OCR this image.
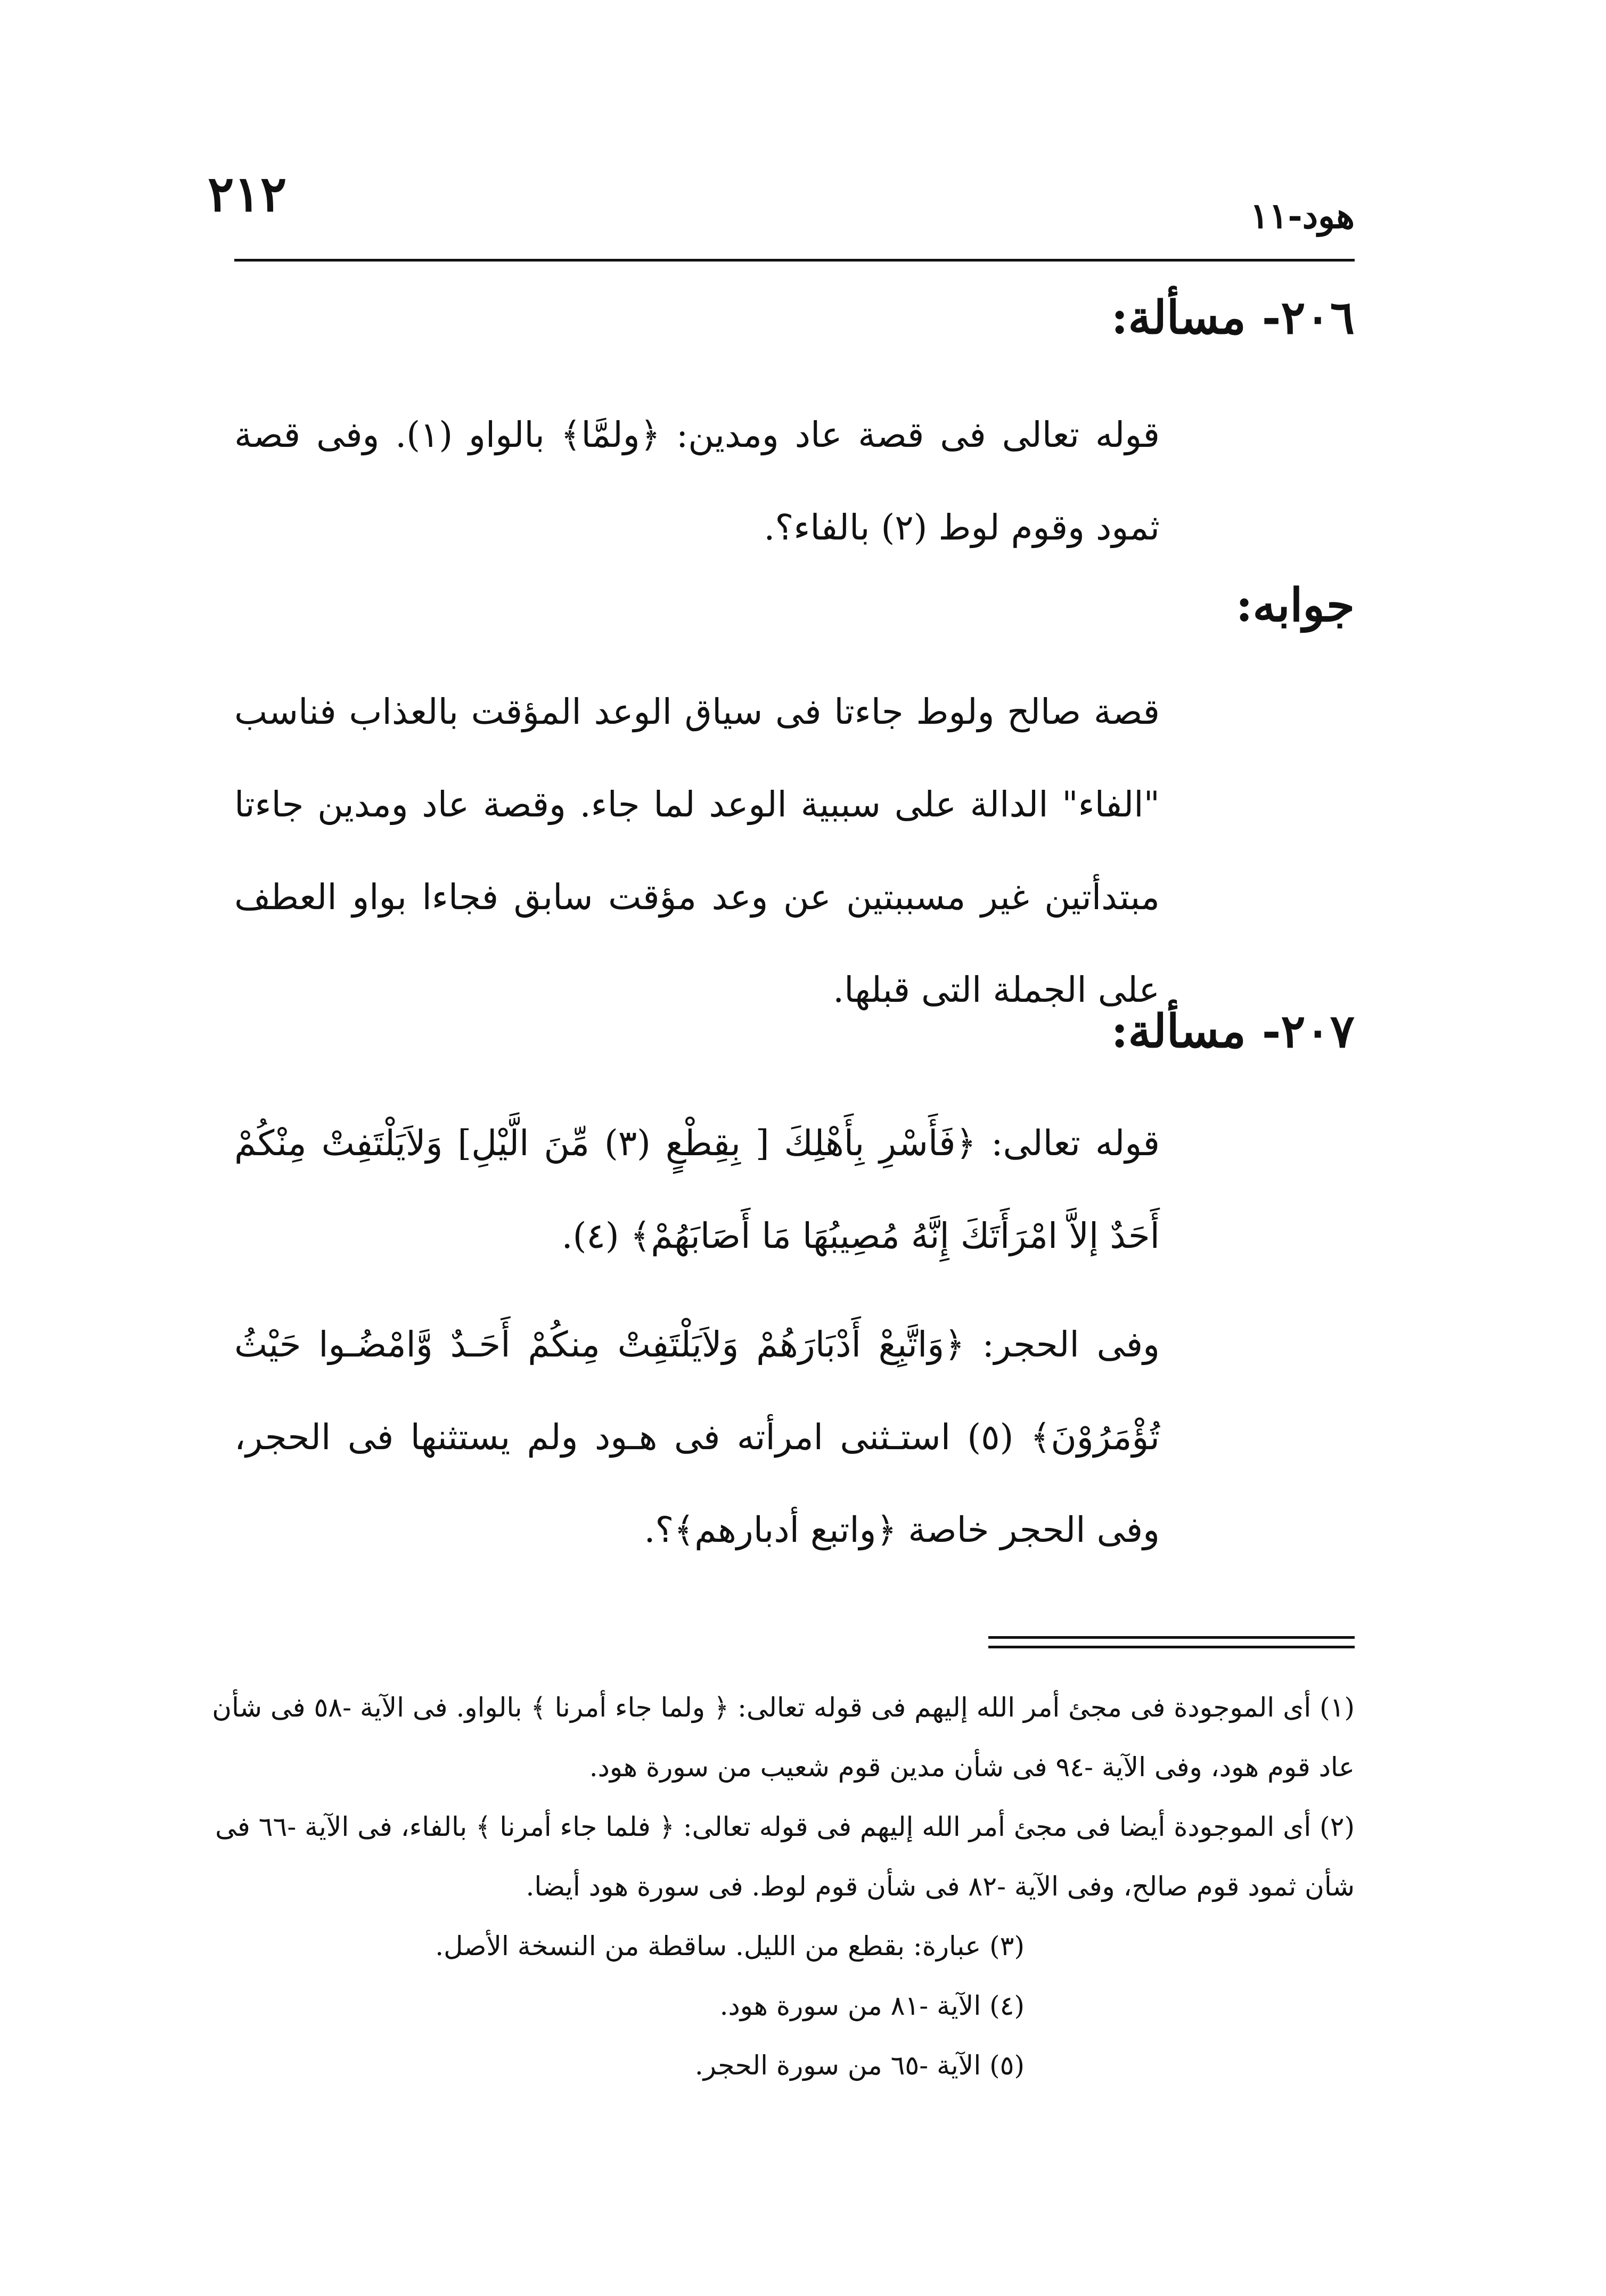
٢١٢	هود-١١
٢٠٦- مسألة:

قوله تعالى فى قصة عاد ومدين: ﴿ولمَّا﴾ بالواو (١). وفى قصة ثمود وقوم لوط (٢) بالفاء؟.

جوابه:

قصة صالح ولوط جاءتا فى سياق الوعد المؤقت بالعذاب فناسب "الفاء" الدالة على سببية الوعد لما جاء. وقصة عاد ومدين جاءتا مبتدأتين غير مسببتين عن وعد مؤقت سابق فجاءا بواو العطف على الجملة التى قبلها.

٢٠٧- مسألة:

قوله تعالى: ﴿فَأَسْرِ بِأَهْلِكَ [ بِقِطْعٍ (٣) مِّنَ الَّيْلِ] وَلاَيَلْتَفِتْ مِنْكُمْ أَحَدٌ إلاَّ امْرَأَتَكَ إِنَّهُ مُصِيبُهَا مَا أَصَابَهُمْ﴾ (٤).

وفى الحجر: ﴿وَاتَّبِعْ أَدْبَارَهُمْ وَلاَيَلْتَفِتْ مِنكُمْ أَحَـدٌ وَّامْضُـوا حَيْثُ تُؤْمَرُوْنَ﴾ (٥) استـثنى امرأته فى هـود ولم يستثنها فى الحجر، وفى الحجر خاصة ﴿واتبع أدبارهم﴾؟.

(١) أى الموجودة فى مجئ أمر الله إليهم فى قوله تعالى: ﴿ ولما جاء أمرنا ﴾ بالواو. فى الآية -٥٨ فى شأن عاد قوم هود، وفى الآية -٩٤ فى شأن مدين قوم شعيب من سورة هود.

(٢) أى الموجودة أيضا فى مجئ أمر الله إليهم فى قوله تعالى: ﴿ فلما جاء أمرنا ﴾ بالفاء، فى الآية -٦٦ فى شأن ثمود قوم صالح، وفى الآية -٨٢ فى شأن قوم لوط. فى سورة هود أيضا.

(٣) عبارة: بقطع من الليل. ساقطة من النسخة الأصل.

(٤) الآية -٨١ من سورة هود.

(٥) الآية -٦٥ من سورة الحجر.
